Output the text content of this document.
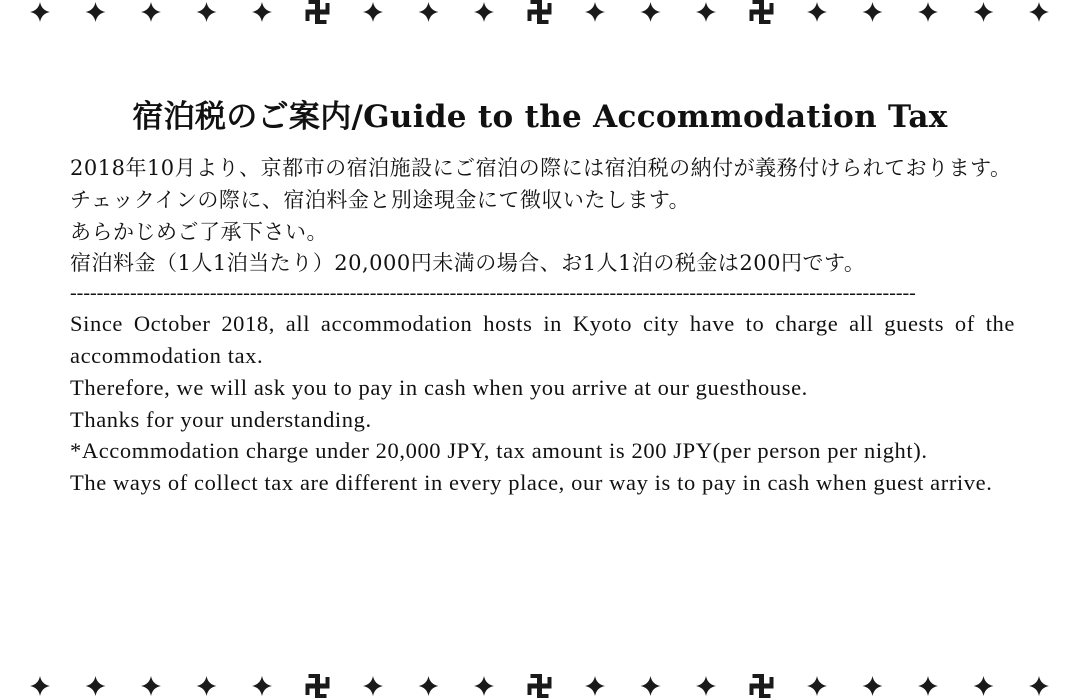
宿泊税のご案内/Guide to the Accommodation Tax

2018年10月より、京都市の宿泊施設にご宿泊の際には宿泊税の納付が義務付けられております。

チェックインの際に、宿泊料金と別途現金にて徴収いたします。

あらかじめご了承下さい。

宿泊料金（1人1泊当たり）20,000円未満の場合、お1人1泊の税金は200円です。

-------------------------------------------------------------------------------------------------------------------------------

Since October 2018, all accommodation hosts in Kyoto city have to charge all guests of the accommodation tax.

Therefore, we will ask you to pay in cash when you arrive at our guesthouse.

Thanks for your understanding.

*Accommodation charge under 20,000 JPY, tax amount is 200 JPY(per person per night).

The ways of collect tax are different in every place, our way is to pay in cash when guest arrive.
